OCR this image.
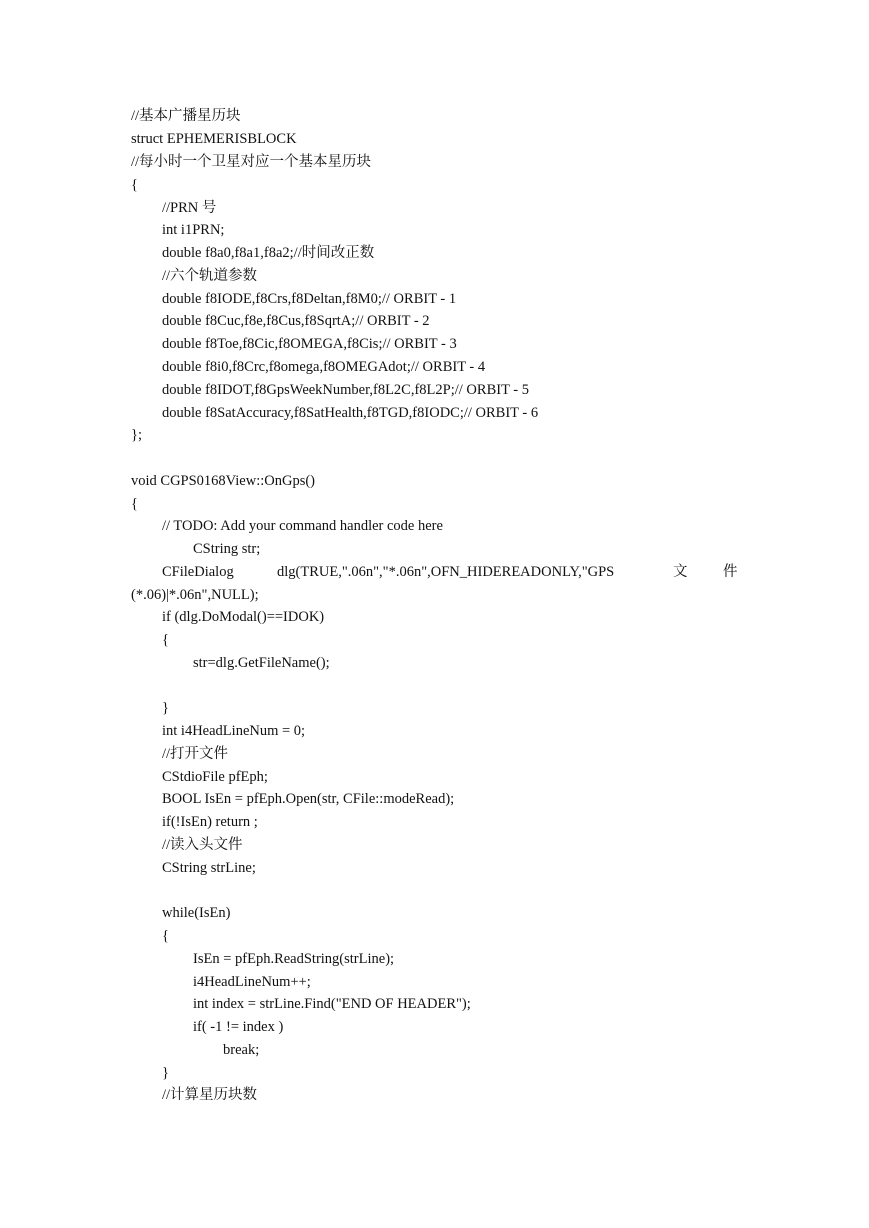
//基本广播星历块
struct EPHEMERISBLOCK
//每小时一个卫星对应一个基本星历块
{
//PRN 号
int i1PRN;
double f8a0,f8a1,f8a2;//时间改正数
//六个轨道参数
double f8IODE,f8Crs,f8Deltan,f8M0;// ORBIT - 1
double f8Cuc,f8e,f8Cus,f8SqrtA;// ORBIT - 2
double f8Toe,f8Cic,f8OMEGA,f8Cis;// ORBIT - 3
double f8i0,f8Crc,f8omega,f8OMEGAdot;// ORBIT - 4
double f8IDOT,f8GpsWeekNumber,f8L2C,f8L2P;// ORBIT - 5
double f8SatAccuracy,f8SatHealth,f8TGD,f8IODC;// ORBIT - 6
};
void CGPS0168View::OnGps()
{
// TODO: Add your command handler code here
CString str;
CFileDialog	dlg(TRUE,".06n","*.06n",OFN_HIDEREADONLY,"GPS	文 件
(*.06)|*.06n",NULL);
if (dlg.DoModal()==IDOK)
{
str=dlg.GetFileName();
}
int i4HeadLineNum = 0;
//打开文件
CStdioFile pfEph;
BOOL IsEn = pfEph.Open(str, CFile::modeRead);
if(!IsEn) return ;
//读入头文件
CString strLine;
while(IsEn)
{
IsEn = pfEph.ReadString(strLine);
i4HeadLineNum++;
int index = strLine.Find("END OF HEADER");
if( -1 != index )
break;
}
//计算星历块数
